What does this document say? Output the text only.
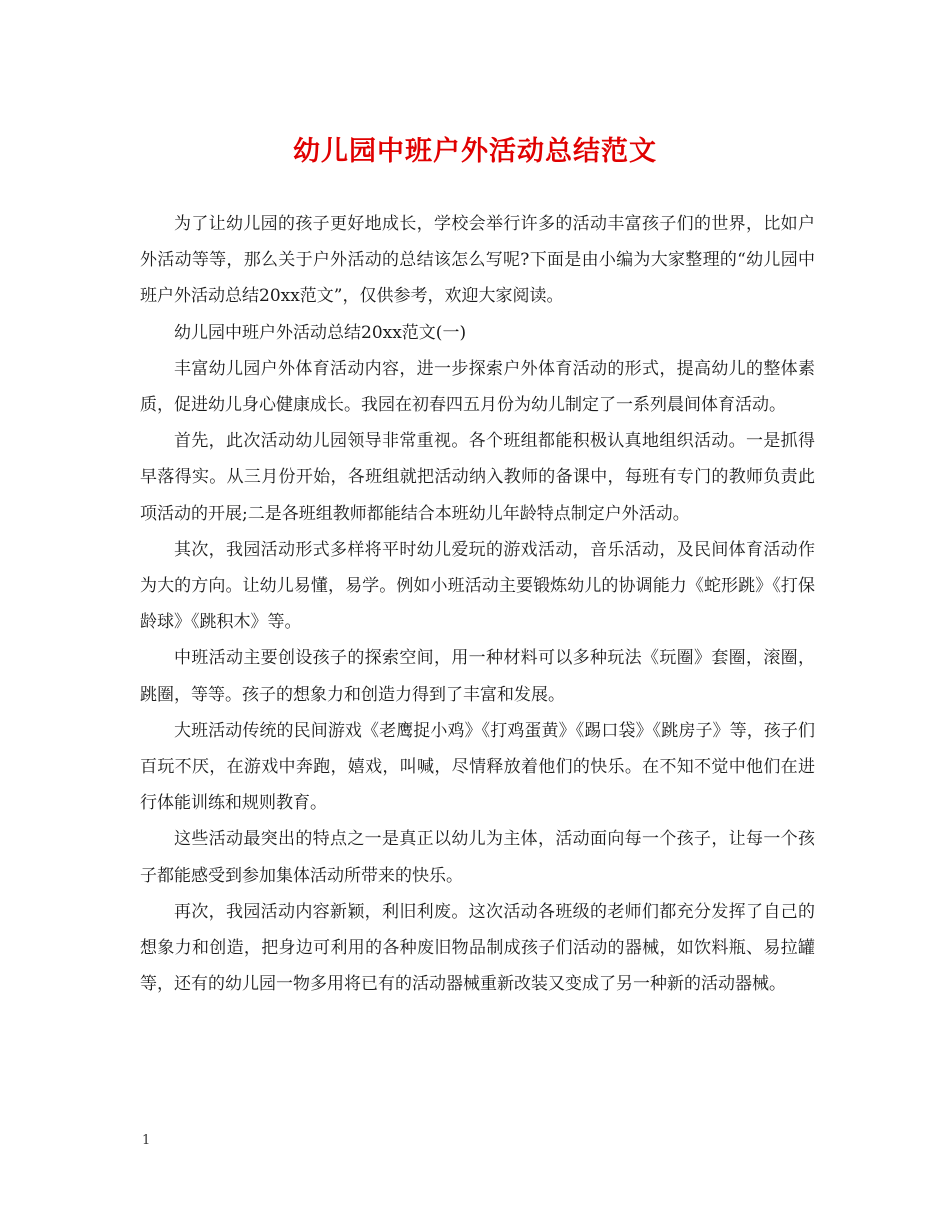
幼儿园中班户外活动总结范文

为了让幼儿园的孩子更好地成长，学校会举行许多的活动丰富孩子们的世界，比如户外活动等等，那么关于户外活动的总结该怎么写呢?下面是由小编为大家整理的“幼儿园中班户外活动总结20xx范文”，仅供参考，欢迎大家阅读。

幼儿园中班户外活动总结20xx范文(一)

丰富幼儿园户外体育活动内容，进一步探索户外体育活动的形式，提高幼儿的整体素质，促进幼儿身心健康成长。我园在初春四五月份为幼儿制定了一系列晨间体育活动。

首先，此次活动幼儿园领导非常重视。各个班组都能积极认真地组织活动。一是抓得早落得实。从三月份开始，各班组就把活动纳入教师的备课中，每班有专门的教师负责此项活动的开展;二是各班组教师都能结合本班幼儿年龄特点制定户外活动。

其次，我园活动形式多样将平时幼儿爱玩的游戏活动，音乐活动，及民间体育活动作为大的方向。让幼儿易懂，易学。例如小班活动主要锻炼幼儿的协调能力《蛇形跳》《打保龄球》《跳积木》等。

中班活动主要创设孩子的探索空间，用一种材料可以多种玩法《玩圈》套圈，滚圈，跳圈，等等。孩子的想象力和创造力得到了丰富和发展。

大班活动传统的民间游戏《老鹰捉小鸡》《打鸡蛋黄》《踢口袋》《跳房子》等，孩子们百玩不厌，在游戏中奔跑，嬉戏，叫喊，尽情释放着他们的快乐。在不知不觉中他们在进行体能训练和规则教育。

这些活动最突出的特点之一是真正以幼儿为主体，活动面向每一个孩子，让每一个孩子都能感受到参加集体活动所带来的快乐。

再次，我园活动内容新颖，利旧利废。这次活动各班级的老师们都充分发挥了自己的想象力和创造，把身边可利用的各种废旧物品制成孩子们活动的器械，如饮料瓶、易拉罐等，还有的幼儿园一物多用将已有的活动器械重新改装又变成了另一种新的活动器械。

1
